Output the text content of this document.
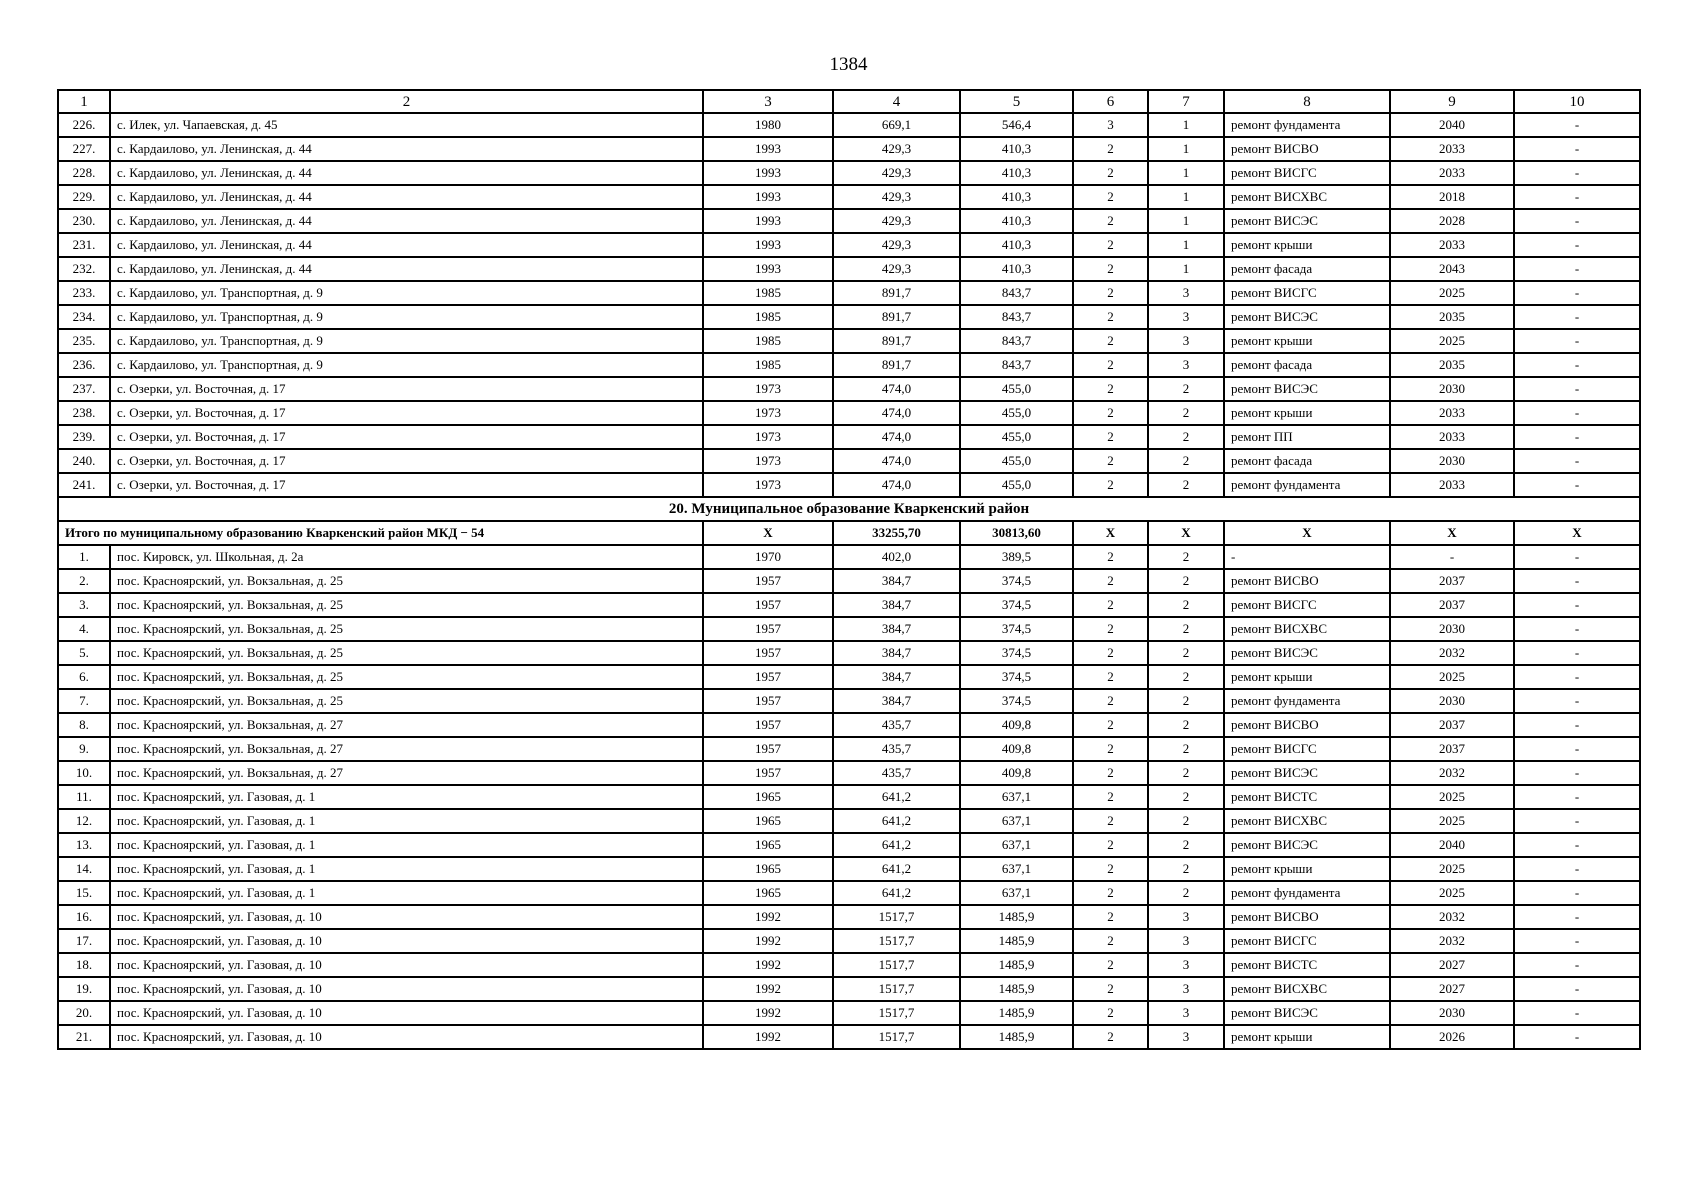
1384
1	2	3	4	5	6	7	8	9	10
226.	с. Илек, ул. Чапаевская, д. 45	1980	669,1	546,4	3	1	ремонт фундамента	2040	-
227.	с. Кардаилово, ул. Ленинская, д. 44	1993	429,3	410,3	2	1	ремонт ВИСВО	2033	-
228.	с. Кардаилово, ул. Ленинская, д. 44	1993	429,3	410,3	2	1	ремонт ВИСГС	2033	-
229.	с. Кардаилово, ул. Ленинская, д. 44	1993	429,3	410,3	2	1	ремонт ВИСХВС	2018	-
230.	с. Кардаилово, ул. Ленинская, д. 44	1993	429,3	410,3	2	1	ремонт ВИСЭС	2028	-
231.	с. Кардаилово, ул. Ленинская, д. 44	1993	429,3	410,3	2	1	ремонт крыши	2033	-
232.	с. Кардаилово, ул. Ленинская, д. 44	1993	429,3	410,3	2	1	ремонт фасада	2043	-
233.	с. Кардаилово, ул. Транспортная, д. 9	1985	891,7	843,7	2	3	ремонт ВИСГС	2025	-
234.	с. Кардаилово, ул. Транспортная, д. 9	1985	891,7	843,7	2	3	ремонт ВИСЭС	2035	-
235.	с. Кардаилово, ул. Транспортная, д. 9	1985	891,7	843,7	2	3	ремонт крыши	2025	-
236.	с. Кардаилово, ул. Транспортная, д. 9	1985	891,7	843,7	2	3	ремонт фасада	2035	-
237.	с. Озерки, ул. Восточная, д. 17	1973	474,0	455,0	2	2	ремонт ВИСЭС	2030	-
238.	с. Озерки, ул. Восточная, д. 17	1973	474,0	455,0	2	2	ремонт крыши	2033	-
239.	с. Озерки, ул. Восточная, д. 17	1973	474,0	455,0	2	2	ремонт ПП	2033	-
240.	с. Озерки, ул. Восточная, д. 17	1973	474,0	455,0	2	2	ремонт фасада	2030	-
241.	с. Озерки, ул. Восточная, д. 17	1973	474,0	455,0	2	2	ремонт фундамента	2033	-
20. Муниципальное образование Кваркенский район									
Итого по муниципальному образованию Кваркенский район МКД − 54		Х	33255,70	30813,60	Х	Х	Х	Х	Х
1.	пос. Кировск, ул. Школьная, д. 2а	1970	402,0	389,5	2	2	-	-	-
2.	пос. Красноярский, ул. Вокзальная, д. 25	1957	384,7	374,5	2	2	ремонт ВИСВО	2037	-
3.	пос. Красноярский, ул. Вокзальная, д. 25	1957	384,7	374,5	2	2	ремонт ВИСГС	2037	-
4.	пос. Красноярский, ул. Вокзальная, д. 25	1957	384,7	374,5	2	2	ремонт ВИСХВС	2030	-
5.	пос. Красноярский, ул. Вокзальная, д. 25	1957	384,7	374,5	2	2	ремонт ВИСЭС	2032	-
6.	пос. Красноярский, ул. Вокзальная, д. 25	1957	384,7	374,5	2	2	ремонт крыши	2025	-
7.	пос. Красноярский, ул. Вокзальная, д. 25	1957	384,7	374,5	2	2	ремонт фундамента	2030	-
8.	пос. Красноярский, ул. Вокзальная, д. 27	1957	435,7	409,8	2	2	ремонт ВИСВО	2037	-
9.	пос. Красноярский, ул. Вокзальная, д. 27	1957	435,7	409,8	2	2	ремонт ВИСГС	2037	-
10.	пос. Красноярский, ул. Вокзальная, д. 27	1957	435,7	409,8	2	2	ремонт ВИСЭС	2032	-
11.	пос. Красноярский, ул. Газовая, д. 1	1965	641,2	637,1	2	2	ремонт ВИСТС	2025	-
12.	пос. Красноярский, ул. Газовая, д. 1	1965	641,2	637,1	2	2	ремонт ВИСХВС	2025	-
13.	пос. Красноярский, ул. Газовая, д. 1	1965	641,2	637,1	2	2	ремонт ВИСЭС	2040	-
14.	пос. Красноярский, ул. Газовая, д. 1	1965	641,2	637,1	2	2	ремонт крыши	2025	-
15.	пос. Красноярский, ул. Газовая, д. 1	1965	641,2	637,1	2	2	ремонт фундамента	2025	-
16.	пос. Красноярский, ул. Газовая, д. 10	1992	1517,7	1485,9	2	3	ремонт ВИСВО	2032	-
17.	пос. Красноярский, ул. Газовая, д. 10	1992	1517,7	1485,9	2	3	ремонт ВИСГС	2032	-
18.	пос. Красноярский, ул. Газовая, д. 10	1992	1517,7	1485,9	2	3	ремонт ВИСТС	2027	-
19.	пос. Красноярский, ул. Газовая, д. 10	1992	1517,7	1485,9	2	3	ремонт ВИСХВС	2027	-
20.	пос. Красноярский, ул. Газовая, д. 10	1992	1517,7	1485,9	2	3	ремонт ВИСЭС	2030	-
21.	пос. Красноярский, ул. Газовая, д. 10	1992	1517,7	1485,9	2	3	ремонт крыши	2026	-
